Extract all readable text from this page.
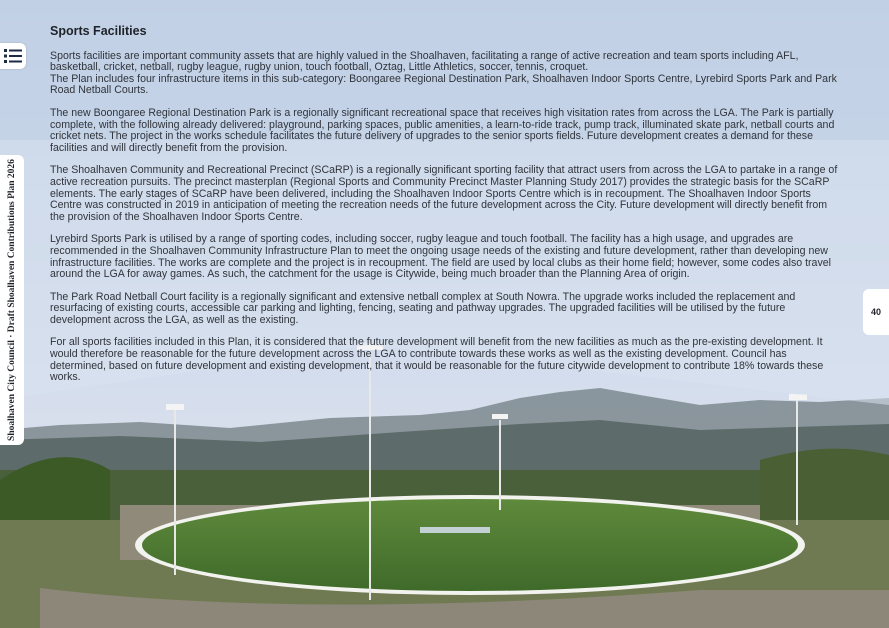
Shoalhaven City Council · Draft Shoalhaven Contributions Plan 2026	40
Sports Facilities

Sports facilities are important community assets that are highly valued in the Shoalhaven, facilitating a range of active recreation and team sports including AFL, basketball, cricket, netball, rugby league, rugby union, touch football, Oztag, Little Athletics, soccer, tennis, croquet.
The Plan includes four infrastructure items in this sub-category: Boongaree Regional Destination Park, Shoalhaven Indoor Sports Centre, Lyrebird Sports Park and Park Road Netball Courts.

The new Boongaree Regional Destination Park is a regionally significant recreational space that receives high visitation rates from across the LGA. The Park is partially complete, with the following already delivered: playground, parking spaces, public amenities, a learn-to-ride track, pump track, illuminated skate park, netball courts and cricket nets. The project in the works schedule facilitates the future delivery of upgrades to the senior sports fields. Future development creates a demand for these facilities and will directly benefit from the provision.

The Shoalhaven Community and Recreational Precinct (SCaRP) is a regionally significant sporting facility that attract users from across the LGA to partake in a range of active recreation pursuits. The precinct masterplan (Regional Sports and Community Precinct Master Planning Study 2017) provides the strategic basis for the SCaRP elements. The early stages of SCaRP have been delivered, including the Shoalhaven Indoor Sports Centre which is in recoupment. The Shoalhaven Indoor Sports Centre was constructed in 2019 in anticipation of meeting the recreation needs of the future development across the City. Future development will directly benefit from the provision of the Shoalhaven Indoor Sports Centre.

Lyrebird Sports Park is utilised by a range of sporting codes, including soccer, rugby league and touch football. The facility has a high usage, and upgrades are recommended in the Shoalhaven Community Infrastructure Plan to meet the ongoing usage needs of the existing and future development, rather than developing new infrastructure facilities. The works are complete and the project is in recoupment. The field are used by local clubs as their home field; however, some codes also travel around the LGA for away games. As such, the catchment for the usage is Citywide, being much broader than the Planning Area of origin.

The Park Road Netball Court facility is a regionally significant and extensive netball complex at South Nowra. The upgrade works included the replacement and resurfacing of existing courts, accessible car parking and lighting, fencing, seating and pathway upgrades. The upgraded facilities will be utilised by the future development across the LGA, as well as the existing.

For all sports facilities included in this Plan, it is considered that the future development will benefit from the new facilities as much as the pre-existing development. It would therefore be reasonable for the future development across the LGA to contribute towards these works as well as the existing development. Council has determined, based on future development and existing development, that it would be reasonable for the future citywide development to contribute 18% towards these works.
